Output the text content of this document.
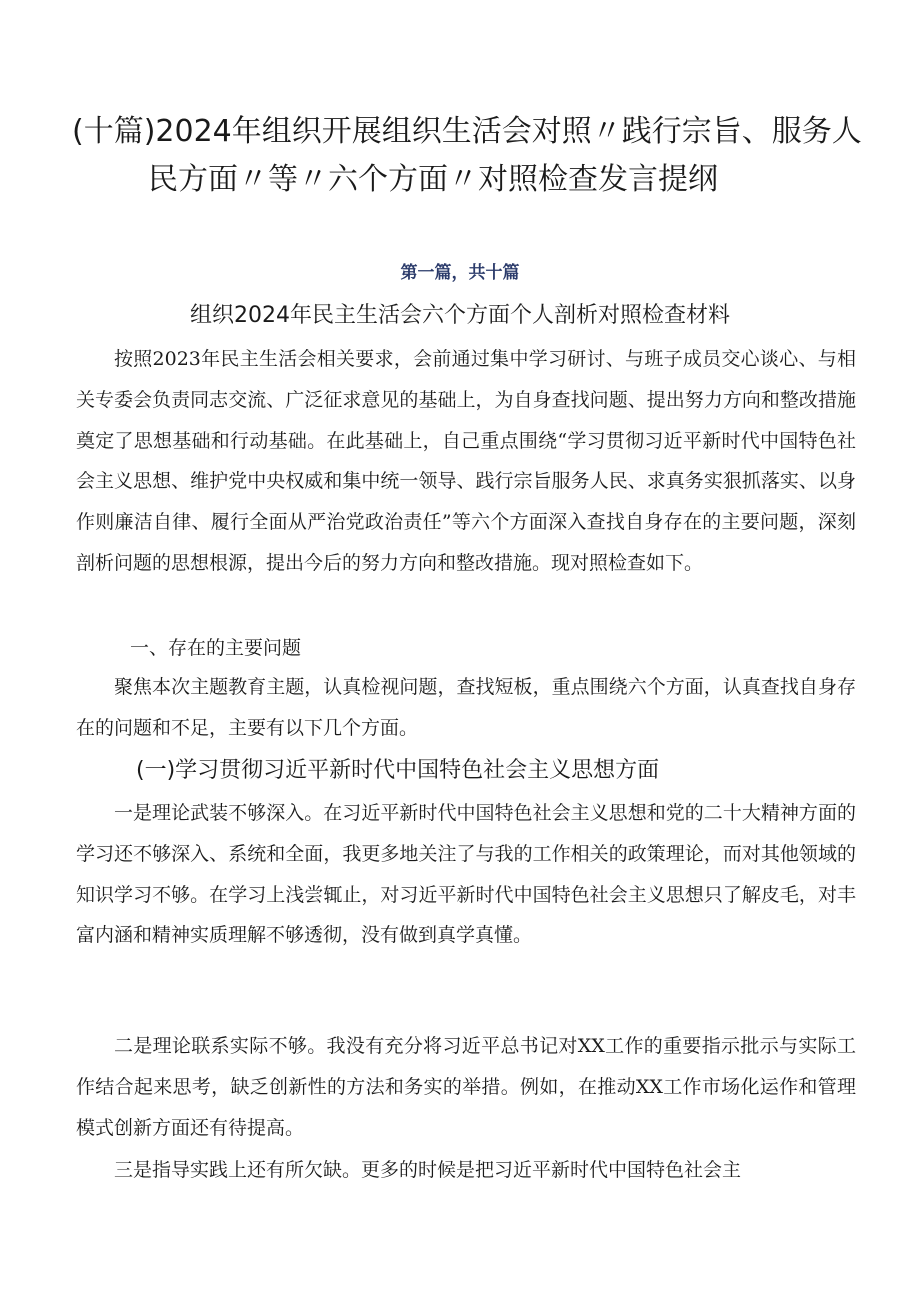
(十篇)2024年组织开展组织生活会对照〃践行宗旨、服务人
民方面〃等〃六个方面〃对照检查发言提纲
第一篇，共十篇
组织2024年民主生活会六个方面个人剖析对照检查材料

按照2023年民主生活会相关要求，会前通过集中学习研讨、与班子成员交心谈心、与相关专委会负责同志交流、广泛征求意见的基础上，为自身查找问题、提出努力方向和整改措施奠定了思想基础和行动基础。在此基础上，自己重点围绕“学习贯彻习近平新时代中国特色社会主义思想、维护党中央权威和集中统一领导、践行宗旨服务人民、求真务实狠抓落实、以身作则廉洁自律、履行全面从严治党政治责任”等六个方面深入查找自身存在的主要问题，深刻剖析问题的思想根源，提出今后的努力方向和整改措施。现对照检查如下。

一、存在的主要问题

聚焦本次主题教育主题，认真检视问题，查找短板，重点围绕六个方面，认真查找自身存在的问题和不足，主要有以下几个方面。

(一)学习贯彻习近平新时代中国特色社会主义思想方面

一是理论武装不够深入。在习近平新时代中国特色社会主义思想和党的二十大精神方面的学习还不够深入、系统和全面，我更多地关注了与我的工作相关的政策理论，而对其他领域的知识学习不够。在学习上浅尝辄止，对习近平新时代中国特色社会主义思想只了解皮毛，对丰富内涵和精神实质理解不够透彻，没有做到真学真懂。

二是理论联系实际不够。我没有充分将习近平总书记对XX工作的重要指示批示与实际工作结合起来思考，缺乏创新性的方法和务实的举措。例如，在推动XX工作市场化运作和管理模式创新方面还有待提高。

三是指导实践上还有所欠缺。更多的时候是把习近平新时代中国特色社会主
